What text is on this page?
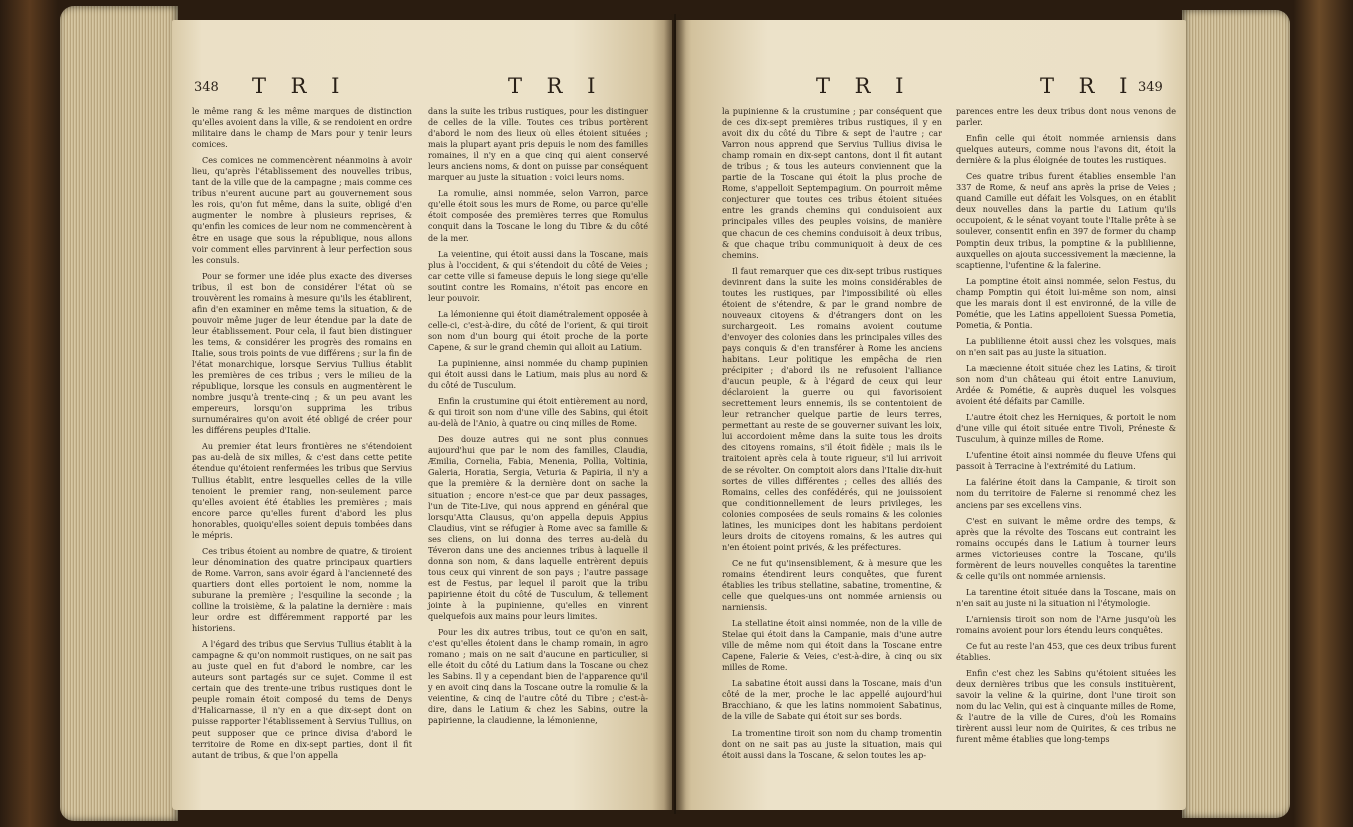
348 T R I	T R I

le même rang & les même marques de distinction qu'elles avoient dans la ville, & se rendoient en ordre militaire dans le champ de Mars pour y tenir leurs comices.

Ces comices ne commencèrent néanmoins à avoir lieu, qu'après l'établissement des nouvelles tribus, tant de la ville que de la campagne ; mais comme ces tribus n'eurent aucune part au gouvernement sous les rois, qu'on fut même, dans la suite, obligé d'en augmenter le nombre à plusieurs reprises, & qu'enfin les comices de leur nom ne commencèrent à être en usage que sous la république, nous allons voir comment elles parvinrent à leur perfection sous les consuls.

Pour se former une idée plus exacte des diverses tribus, il est bon de considérer l'état où se trouvèrent les romains à mesure qu'ils les établirent, afin d'en examiner en même tems la situation, & de pouvoir même juger de leur étendue par la date de leur établissement. Pour cela, il faut bien distinguer les tems, & considérer les progrès des romains en Italie, sous trois points de vue différens ; sur la fin de l'état monarchique, lorsque Servius Tullius établit les premières de ces tribus ; vers le milieu de la république, lorsque les consuls en augmentèrent le nombre jusqu'à trente-cinq ; & un peu avant les empereurs, lorsqu'on supprima les tribus surnuméraires qu'on avoit été obligé de créer pour les différens peuples d'Italie.

Au premier état leurs frontières ne s'étendoient pas au-delà de six milles, & c'est dans cette petite étendue qu'étoient renfermées les tribus que Servius Tullius établit, entre lesquelles celles de la ville tenoient le premier rang, non-seulement parce qu'elles avoient été établies les premières ; mais encore parce qu'elles furent d'abord les plus honorables, quoiqu'elles soient depuis tombées dans le mépris.

Ces tribus étoient au nombre de quatre, & tiroient leur dénomination des quatre principaux quartiers de Rome. Varron, sans avoir égard à l'ancienneté des quartiers dont elles portoient le nom, nomme la suburane la première ; l'esquiline la seconde ; la colline la troisième, & la palatine la dernière : mais leur ordre est différemment rapporté par les historiens.

A l'égard des tribus que Servius Tullius établit à la campagne & qu'on nommoit rustiques, on ne sait pas au juste quel en fut d'abord le nombre, car les auteurs sont partagés sur ce sujet. Comme il est certain que des trente-une tribus rustiques dont le peuple romain étoit composé du tems de Denys d'Halicarnasse, il n'y en a que dix-sept dont on puisse rapporter l'établissement à Servius Tullius, on peut supposer que ce prince divisa d'abord le territoire de Rome en dix-sept parties, dont il fit autant de tribus, & que l'on appella

dans la suite les tribus rustiques, pour les distinguer de celles de la ville. Toutes ces tribus portèrent d'abord le nom des lieux où elles étoient situées ; mais la plupart ayant pris depuis le nom des familles romaines, il n'y en a que cinq qui aient conservé leurs anciens noms, & dont on puisse par conséquent marquer au juste la situation : voici leurs noms.

La romulie, ainsi nommée, selon Varron, parce qu'elle étoit sous les murs de Rome, ou parce qu'elle étoit composée des premières terres que Romulus conquit dans la Toscane le long du Tibre & du côté de la mer.

La veientine, qui étoit aussi dans la Toscane, mais plus à l'occident, & qui s'étendoit du côté de Veies ; car cette ville si fameuse depuis le long siege qu'elle soutint contre les Romains, n'étoit pas encore en leur pouvoir.

La lémonienne qui étoit diamétralement opposée à celle-ci, c'est-à-dire, du côté de l'orient, & qui tiroit son nom d'un bourg qui étoit proche de la porte Capene, & sur le grand chemin qui alloit au Latium.

La pupinienne, ainsi nommée du champ pupinien qui étoit aussi dans le Latium, mais plus au nord & du côté de Tusculum.

Enfin la crustumine qui étoit entièrement au nord, & qui tiroit son nom d'une ville des Sabins, qui étoit au-delà de l'Anio, à quatre ou cinq milles de Rome.

Des douze autres qui ne sont plus connues aujourd'hui que par le nom des familles, Claudia, Æmilia, Cornelia, Fabia, Menenia, Pollia, Voltinia, Galeria, Horatia, Sergia, Veturia & Papiria, il n'y a que la première & la dernière dont on sache la situation ; encore n'est-ce que par deux passages, l'un de Tite-Live, qui nous apprend en général que lorsqu'Atta Clausus, qu'on appella depuis Appius Claudius, vint se réfugier à Rome avec sa famille & ses cliens, on lui donna des terres au-delà du Téveron dans une des anciennes tribus à laquelle il donna son nom, & dans laquelle entrèrent depuis tous ceux qui vinrent de son pays ; l'autre passage est de Festus, par lequel il paroit que la tribu papirienne étoit du côté de Tusculum, & tellement jointe à la pupinienne, qu'elles en vinrent quelquefois aux mains pour leurs limites.

Pour les dix autres tribus, tout ce qu'on en sait, c'est qu'elles étoient dans le champ romain, in agro romano ; mais on ne sait d'aucune en particulier, si elle étoit du côté du Latium dans la Toscane ou chez les Sabins. Il y a cependant bien de l'apparence qu'il y en avoit cinq dans la Toscane outre la romulie & la veientine, & cinq de l'autre côté du Tibre ; c'est-à-dire, dans le Latium & chez les Sabins, outre la papirienne, la claudienne, la lémonienne,

T R I	T R I 349

la pupinienne & la crustumine ; par conséquent que de ces dix-sept premières tribus rustiques, il y en avoit dix du côté du Tibre & sept de l'autre ; car Varron nous apprend que Servius Tullius divisa le champ romain en dix-sept cantons, dont il fit autant de tribus ; & tous les auteurs conviennent que la partie de la Toscane qui étoit la plus proche de Rome, s'appelloit Septempagium. On pourroit même conjecturer que toutes ces tribus étoient situées entre les grands chemins qui conduisoient aux principales villes des peuples voisins, de manière que chacun de ces chemins conduisoit à deux tribus, & que chaque tribu communiquoit à deux de ces chemins.

Il faut remarquer que ces dix-sept tribus rustiques devinrent dans la suite les moins considérables de toutes les rustiques, par l'impossibilité où elles étoient de s'étendre, & par le grand nombre de nouveaux citoyens & d'étrangers dont on les surchargeoit. Les romains avoient coutume d'envoyer des colonies dans les principales villes des pays conquis & d'en transférer à Rome les anciens habitans. Leur politique les empêcha de rien précipiter ; d'abord ils ne refusoient l'alliance d'aucun peuple, & à l'égard de ceux qui leur déclaroient la guerre ou qui favorisoient secrettement leurs ennemis, ils se contentoient de leur retrancher quelque partie de leurs terres, permettant au reste de se gouverner suivant les loix, lui accordoient même dans la suite tous les droits des citoyens romains, s'il étoit fidèle ; mais ils le traitoient après cela à toute rigueur, s'il lui arrivoit de se révolter. On comptoit alors dans l'Italie dix-huit sortes de villes différentes ; celles des alliés des Romains, celles des confédérés, qui ne jouissoient que conditionnellement de leurs privileges, les colonies composées de seuls romains & les colonies latines, les municipes dont les habitans perdoient leurs droits de citoyens romains, & les autres qui n'en étoient point privés, & les préfectures.

Ce ne fut qu'insensiblement, & à mesure que les romains étendirent leurs conquêtes, que furent établies les tribus stellatine, sabatine, tromentine, & celle que quelques-uns ont nommée arniensis ou narniensis.

La stellatine étoit ainsi nommée, non de la ville de Stelae qui étoit dans la Campanie, mais d'une autre ville de même nom qui étoit dans la Toscane entre Capene, Falerie & Veies, c'est-à-dire, à cinq ou six milles de Rome.

La sabatine étoit aussi dans la Toscane, mais d'un côté de la mer, proche le lac appellé aujourd'hui Bracchiano, & que les latins nommoient Sabatinus, de la ville de Sabate qui étoit sur ses bords.

La tromentine tiroit son nom du champ tromentin dont on ne sait pas au juste la situation, mais qui étoit aussi dans la Toscane, & selon toutes les ap-

parences entre les deux tribus dont nous venons de parler.

Enfin celle qui étoit nommée arniensis dans quelques auteurs, comme nous l'avons dit, étoit la dernière & la plus éloignée de toutes les rustiques.

Ces quatre tribus furent établies ensemble l'an 337 de Rome, & neuf ans après la prise de Veies ; quand Camille eut défait les Volsques, on en établit deux nouvelles dans la partie du Latium qu'ils occupoient, & le sénat voyant toute l'Italie prête à se soulever, consentit enfin en 397 de former du champ Pomptin deux tribus, la pomptine & la publilienne, auxquelles on ajouta successivement la mæcienne, la scaptienne, l'ufentine & la falerine.

La pomptine étoit ainsi nommée, selon Festus, du champ Pomptin qui étoit lui-même son nom, ainsi que les marais dont il est environné, de la ville de Pométie, que les Latins appelloient Suessa Pometia, Pometia, & Pontia.

La publilienne étoit aussi chez les volsques, mais on n'en sait pas au juste la situation.

La mæcienne étoit située chez les Latins, & tiroit son nom d'un château qui étoit entre Lanuvium, Ardée & Pométie, & auprès duquel les volsques avoient été défaits par Camille.

L'autre étoit chez les Herniques, & portoit le nom d'une ville qui étoit située entre Tivoli, Préneste & Tusculum, à quinze milles de Rome.

L'ufentine étoit ainsi nommée du fleuve Ufens qui passoit à Terracine à l'extrémité du Latium.

La falérine étoit dans la Campanie, & tiroit son nom du territoire de Falerne si renommé chez les anciens par ses excellens vins.

C'est en suivant le même ordre des temps, & après que la révolte des Toscans eut contraint les romains occupés dans le Latium à tourner leurs armes victorieuses contre la Toscane, qu'ils formèrent de leurs nouvelles conquêtes la tarentine & celle qu'ils ont nommée arniensis.

La tarentine étoit située dans la Toscane, mais on n'en sait au juste ni la situation ni l'étymologie.

L'arniensis tiroit son nom de l'Arne jusqu'où les romains avoient pour lors étendu leurs conquêtes.

Ce fut au reste l'an 453, que ces deux tribus furent établies.

Enfin c'est chez les Sabins qu'étoient situées les deux dernières tribus que les consuls instituèrent, savoir la veline & la quirine, dont l'une tiroit son nom du lac Velin, qui est à cinquante milles de Rome, & l'autre de la ville de Cures, d'où les Romains tirèrent aussi leur nom de Quirites, & ces tribus ne furent même établies que long-temps
